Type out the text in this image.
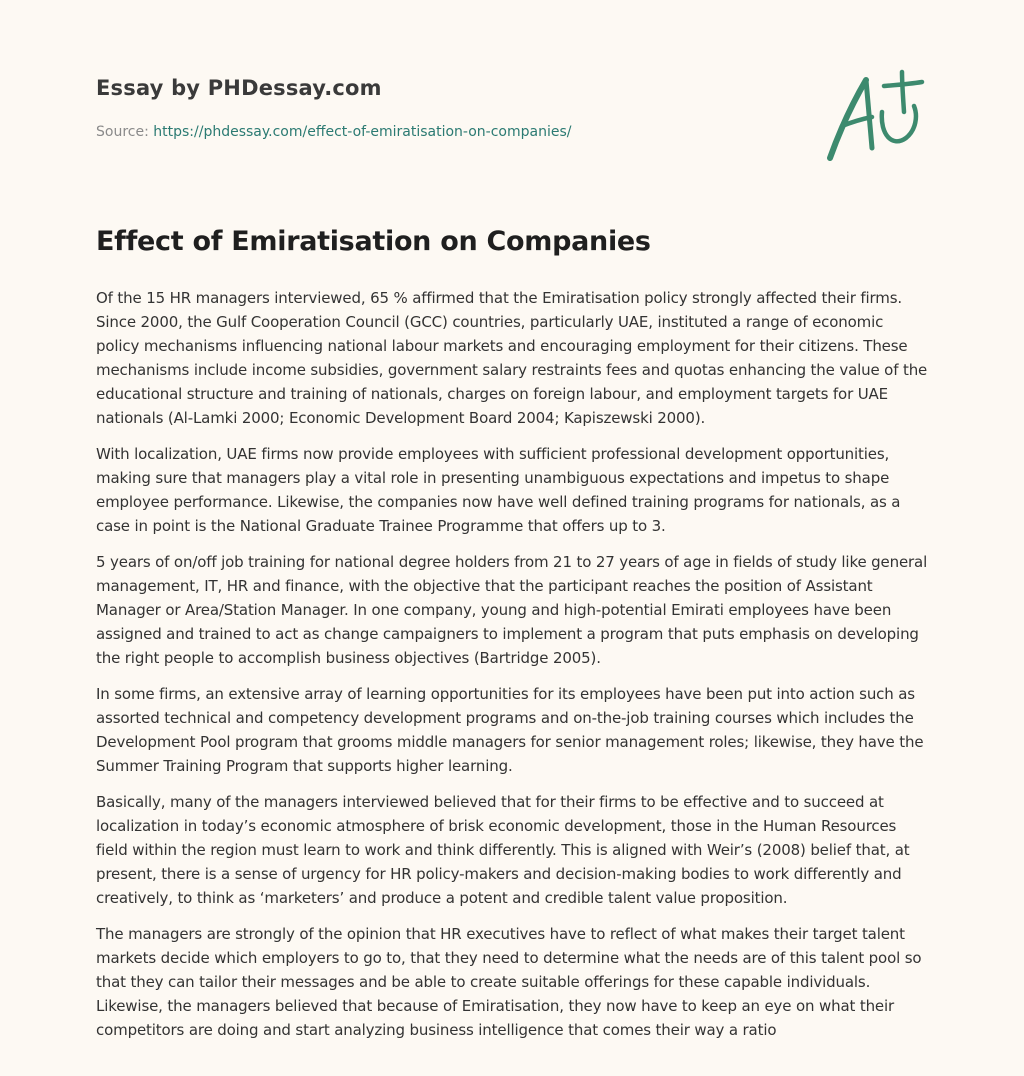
Essay by PHDessay.com
Source: https://phdessay.com/effect-of-emiratisation-on-companies/
Effect of Emiratisation on Companies

Of the 15 HR managers interviewed, 65 % affirmed that the Emiratisation policy strongly affected their firms. Since 2000, the Gulf Cooperation Council (GCC) countries, particularly UAE, instituted a range of economic policy mechanisms influencing national labour markets and encouraging employment for their citizens. These mechanisms include income subsidies, government salary restraints fees and quotas enhancing the value of the educational structure and training of nationals, charges on foreign labour, and employment targets for UAE nationals (Al-Lamki 2000; Economic Development Board 2004; Kapiszewski 2000).

With localization, UAE firms now provide employees with sufficient professional development opportunities, making sure that managers play a vital role in presenting unambiguous expectations and impetus to shape employee performance. Likewise, the companies now have well defined training programs for nationals, as a case in point is the National Graduate Trainee Programme that offers up to 3.

5 years of on/off job training for national degree holders from 21 to 27 years of age in fields of study like general management, IT, HR and finance, with the objective that the participant reaches the position of Assistant Manager or Area/Station Manager. In one company, young and high-potential Emirati employees have been assigned and trained to act as change campaigners to implement a program that puts emphasis on developing the right people to accomplish business objectives (Bartridge 2005).

In some firms, an extensive array of learning opportunities for its employees have been put into action such as assorted technical and competency development programs and on-the-job training courses which includes the Development Pool program that grooms middle managers for senior management roles; likewise, they have the Summer Training Program that supports higher learning.

Basically, many of the managers interviewed believed that for their firms to be effective and to succeed at localization in today’s economic atmosphere of brisk economic development, those in the Human Resources field within the region must learn to work and think differently. This is aligned with Weir’s (2008) belief that, at present, there is a sense of urgency for HR policy-makers and decision-making bodies to work differently and creatively, to think as ‘marketers’ and produce a potent and credible talent value proposition.

The managers are strongly of the opinion that HR executives have to reflect of what makes their target talent markets decide which employers to go to, that they need to determine what the needs are of this talent pool so that they can tailor their messages and be able to create suitable offerings for these capable individuals. Likewise, the managers believed that because of Emiratisation, they now have to keep an eye on what their competitors are doing and start analyzing business intelligence that comes their way a ratio
